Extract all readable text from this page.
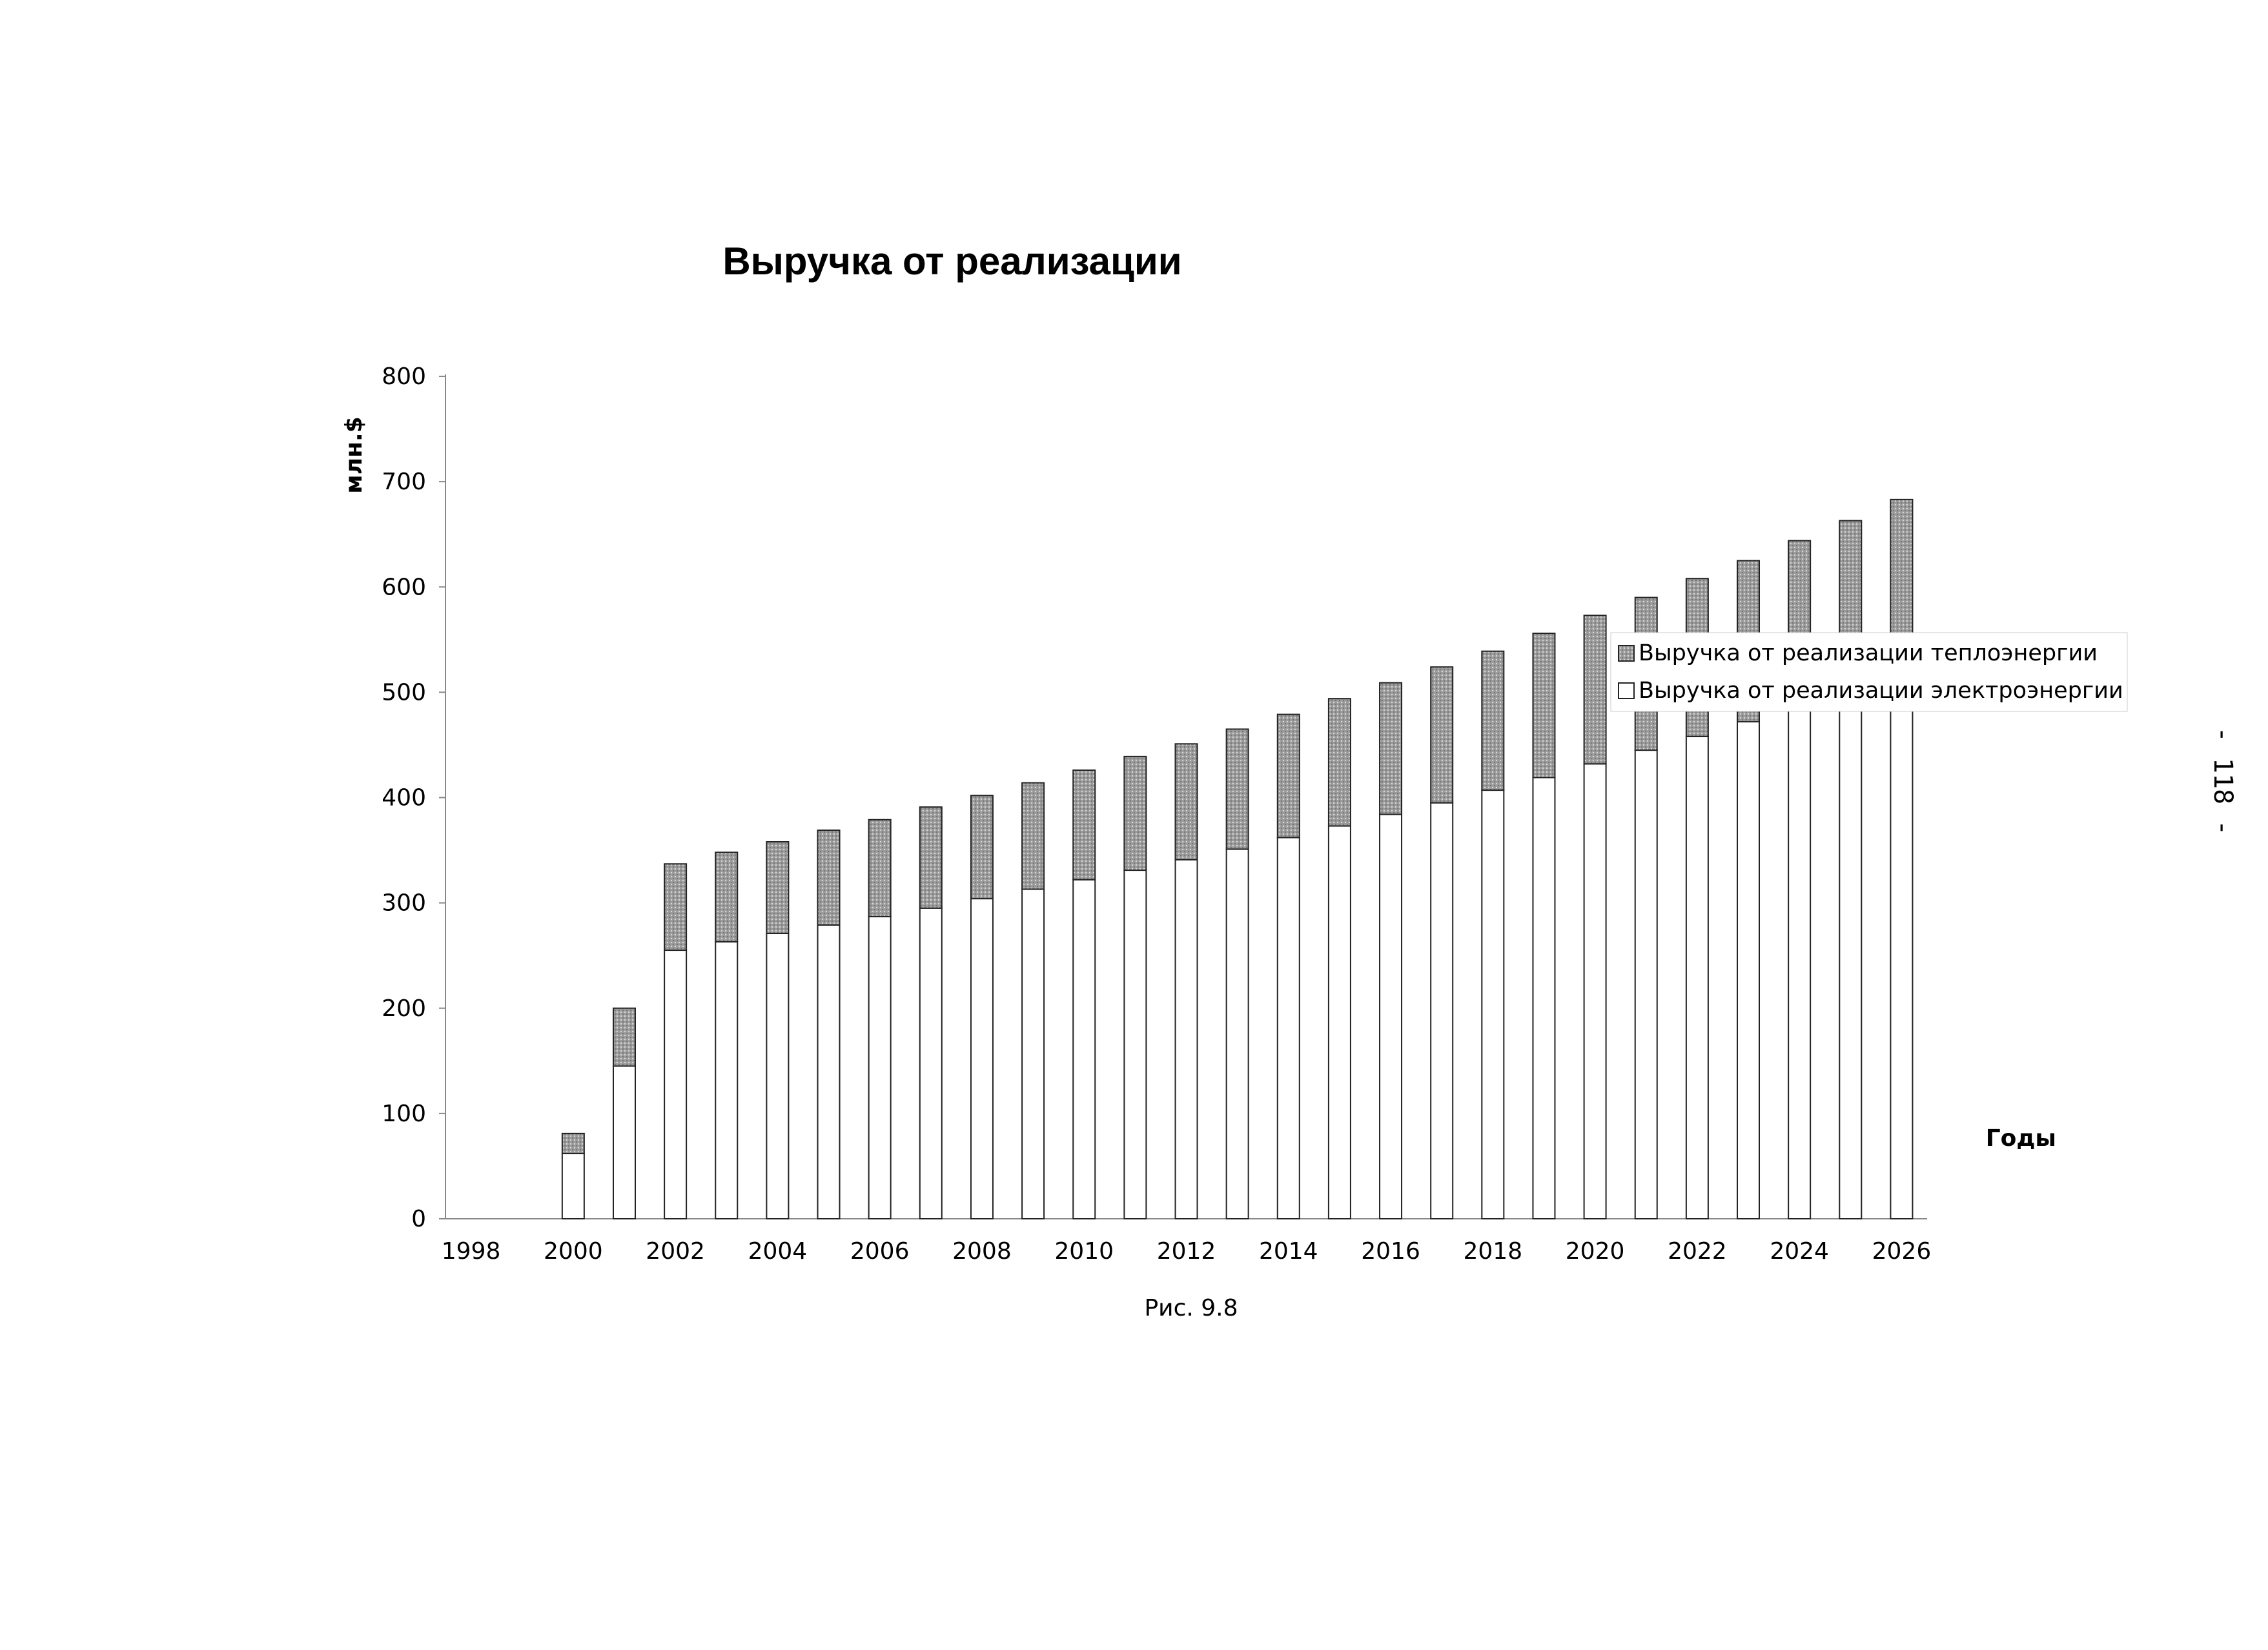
Выручка от реализации
млн.$
0
100
200
300
400
500
600
700
800
1998 2000 2002 2004 2006 2008 2010 2012 2014 2016 2018 2020 2022 2024 2026
Выручка от реализации теплоэнергии
Выручка от реализации электроэнергии
Годы
Рис. 9.8
- 118 -
